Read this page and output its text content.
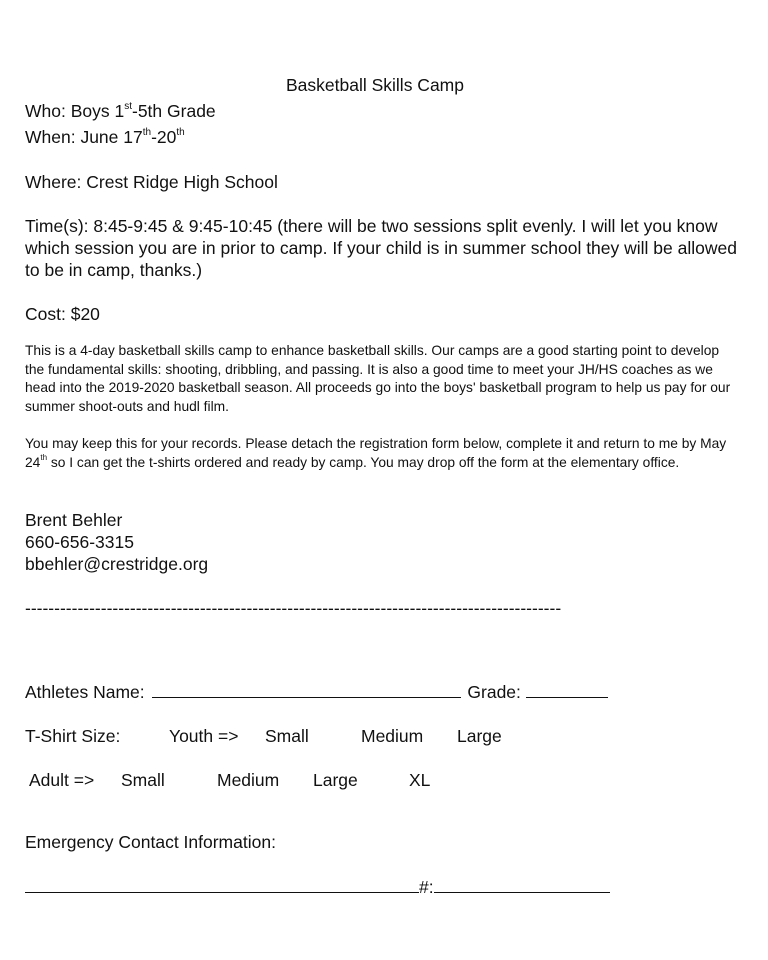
Basketball Skills Camp
Who: Boys 1st-5th Grade
When: June 17th-20th
Where: Crest Ridge High School
Time(s): 8:45-9:45 & 9:45-10:45 (there will be two sessions split evenly. I will let you know which session you are in prior to camp. If your child is in summer school they will be allowed to be in camp, thanks.)
Cost: $20
This is a 4-day basketball skills camp to enhance basketball skills. Our camps are a good starting point to develop the fundamental skills: shooting, dribbling, and passing. It is also a good time to meet your JH/HS coaches as we head into the 2019-2020 basketball season. All proceeds go into the boys' basketball program to help us pay for our summer shoot-outs and hudl film.
You may keep this for your records. Please detach the registration form below, complete it and return to me by May 24th so I can get the t-shirts ordered and ready by camp. You may drop off the form at the elementary office.
Brent Behler
660-656-3315
bbehler@crestridge.org
--------------------------------------------------------------------------------------------
Athletes Name:	Grade:
T-Shirt Size:	Youth => Small	Medium Large
Adult => Small	Medium Large	XL
Emergency Contact Information:
#:
